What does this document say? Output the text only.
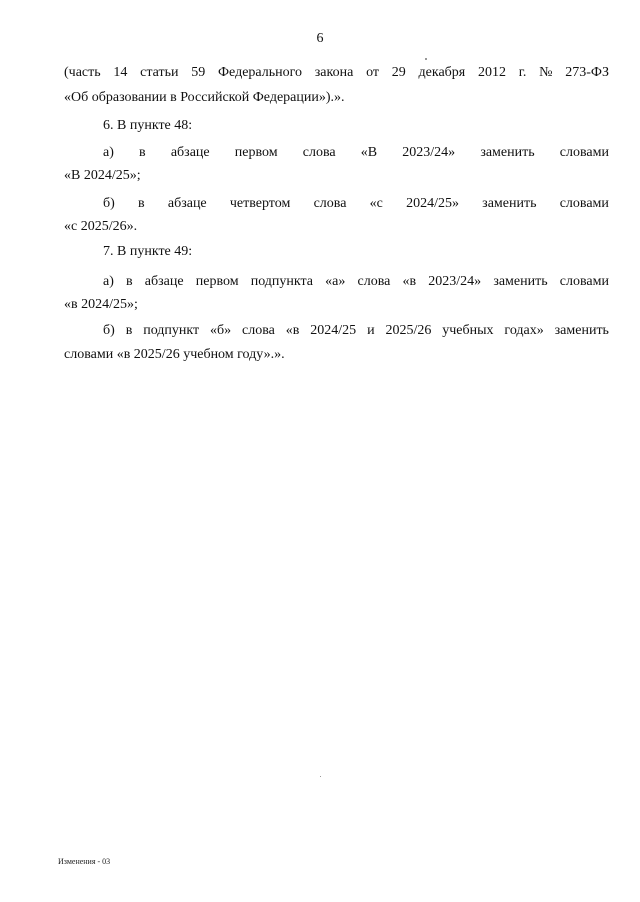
6
(часть 14 статьи 59 Федерального закона от 29 декабря 2012 г. № 273-ФЗ
«Об образовании в Российской Федерации»).».
6. В пункте 48:
а) в абзаце первом слова «В 2023/24» заменить словами
«В 2024/25»;
б) в абзаце четвертом слова «с 2024/25» заменить словами
«с 2025/26».
7. В пункте 49:
а) в абзаце первом подпункта «а» слова «в 2023/24» заменить словами
«в 2024/25»;
б) в подпункт «б» слова «в 2024/25 и 2025/26 учебных годах» заменить
словами «в 2025/26 учебном году».».
Изменения - 03
